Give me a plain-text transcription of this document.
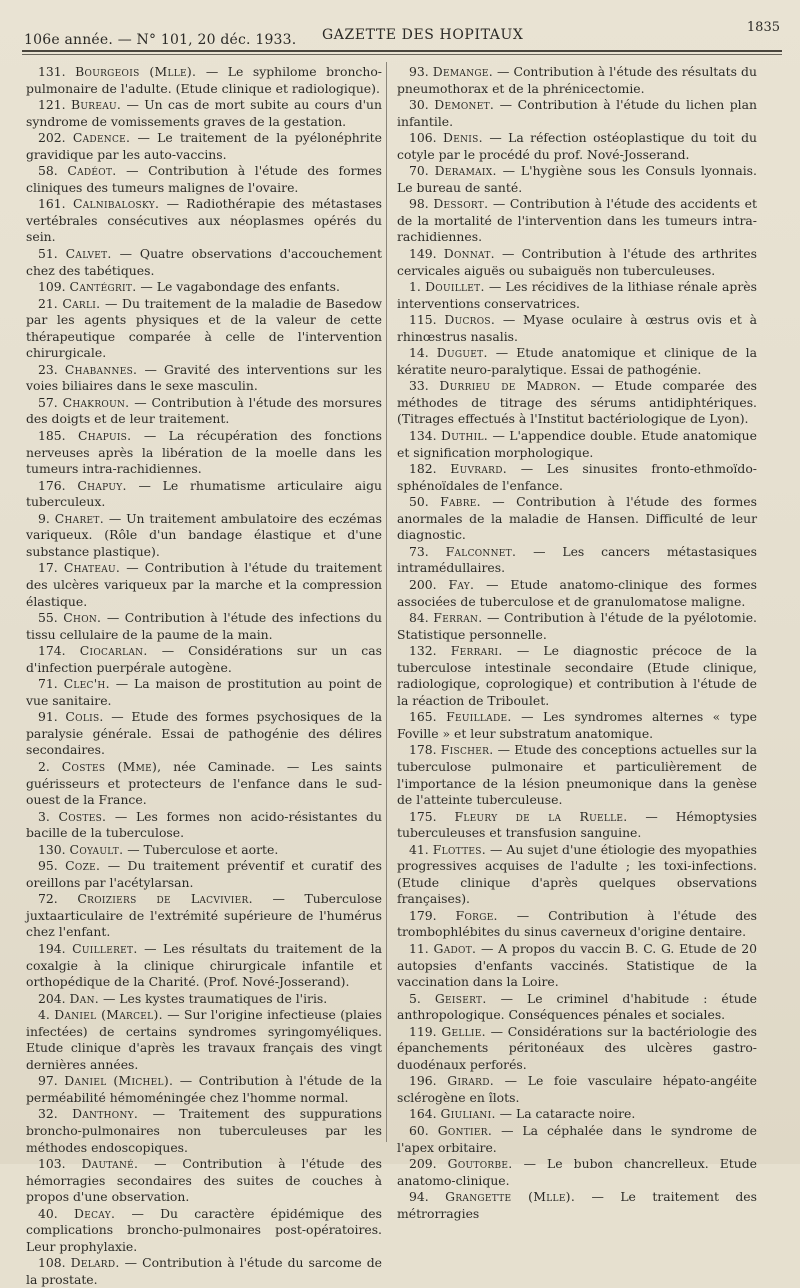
106e année. — N° 101, 20 déc. 1933. GAZETTE DES HOPITAUX	1835

131. Bourgeois (Mlle). — Le syphilome broncho-pulmonaire de l'adulte. (Etude clinique et radiologique).

121. Bureau. — Un cas de mort subite au cours d'un syndrome de vomissements graves de la gestation.

202. Cadence. — Le traitement de la pyélonéphrite gravidique par les auto-vaccins.

58. Cadéot. — Contribution à l'étude des formes cliniques des tumeurs malignes de l'ovaire.

161. Calnibalosky. — Radiothérapie des métastases vertébrales consécutives aux néoplasmes opérés du sein.

51. Calvet. — Quatre observations d'accouchement chez des tabétiques.

109. Cantégrit. — Le vagabondage des enfants.

21. Carli. — Du traitement de la maladie de Basedow par les agents physiques et de la valeur de cette thérapeutique comparée à celle de l'intervention chirurgicale.

23. Chabannes. — Gravité des interventions sur les voies biliaires dans le sexe masculin.

57. Chakroun. — Contribution à l'étude des morsures des doigts et de leur traitement.

185. Chapuis. — La récupération des fonctions nerveuses après la libération de la moelle dans les tumeurs intra-rachidiennes.

176. Chapuy. — Le rhumatisme articulaire aigu tuberculeux.

9. Charet. — Un traitement ambulatoire des eczémas variqueux. (Rôle d'un bandage élastique et d'une substance plastique).

17. Chateau. — Contribution à l'étude du traitement des ulcères variqueux par la marche et la compression élastique.

55. Chon. — Contribution à l'étude des infections du tissu cellulaire de la paume de la main.

174. Ciocarlan. — Considérations sur un cas d'infection puerpérale autogène.

71. Clec'h. — La maison de prostitution au point de vue sanitaire.

91. Colis. — Etude des formes psychosiques de la paralysie générale. Essai de pathogénie des délires secondaires.

2. Costes (Mme), née Caminade. — Les saints guérisseurs et protecteurs de l'enfance dans le sud-ouest de la France.

3. Costes. — Les formes non acido-résistantes du bacille de la tuberculose.

130. Coyault. — Tuberculose et aorte.

95. Coze. — Du traitement préventif et curatif des oreillons par l'acétylarsan.

72. Croiziers de Lacvivier. — Tuberculose juxtaarticulaire de l'extrémité supérieure de l'humérus chez l'enfant.

194. Cuilleret. — Les résultats du traitement de la coxalgie à la clinique chirurgicale infantile et orthopédique de la Charité. (Prof. Nové-Josserand).

204. Dan. — Les kystes traumatiques de l'iris.

4. Daniel (Marcel). — Sur l'origine infectieuse (plaies infectées) de certains syndromes syringomyéliques. Etude clinique d'après les travaux français des vingt dernières années.

97. Daniel (Michel). — Contribution à l'étude de la perméabilité hémoméningée chez l'homme normal.

32. Danthony. — Traitement des suppurations broncho-pulmonaires non tuberculeuses par les méthodes endoscopiques.

103. Dautané. — Contribution à l'étude des hémorragies secondaires des suites de couches à propos d'une observation.

40. Decay. — Du caractère épidémique des complications broncho-pulmonaires post-opératoires. Leur prophylaxie.

108. Delard. — Contribution à l'étude du sarcome de la prostate.

93. Demange. — Contribution à l'étude des résultats du pneumothorax et de la phrénicectomie.

30. Demonet. — Contribution à l'étude du lichen plan infantile.

106. Denis. — La réfection ostéoplastique du toit du cotyle par le procédé du prof. Nové-Josserand.

70. Deramaix. — L'hygiène sous les Consuls lyonnais. Le bureau de santé.

98. Dessort. — Contribution à l'étude des accidents et de la mortalité de l'intervention dans les tumeurs intra-rachidiennes.

149. Donnat. — Contribution à l'étude des arthrites cervicales aiguës ou subaiguës non tuberculeuses.

1. Douillet. — Les récidives de la lithiase rénale après interventions conservatrices.

115. Ducros. — Myase oculaire à œstrus ovis et à rhinœstrus nasalis.

14. Duguet. — Etude anatomique et clinique de la kératite neuro-paralytique. Essai de pathogénie.

33. Durrieu de Madron. — Etude comparée des méthodes de titrage des sérums antidiphtériques. (Titrages effectués à l'Institut bactériologique de Lyon).

134. Duthil. — L'appendice double. Etude anatomique et signification morphologique.

182. Euvrard. — Les sinusites fronto-ethmoïdo-sphénoïdales de l'enfance.

50. Fabre. — Contribution à l'étude des formes anormales de la maladie de Hansen. Difficulté de leur diagnostic.

73. Falconnet. — Les cancers métastasiques intramédullaires.

200. Fay. — Etude anatomo-clinique des formes associées de tuberculose et de granulomatose maligne.

84. Ferran. — Contribution à l'étude de la pyélotomie. Statistique personnelle.

132. Ferrari. — Le diagnostic précoce de la tuberculose intestinale secondaire (Etude clinique, radiologique, coprologique) et contribution à l'étude de la réaction de Triboulet.

165. Feuillade. — Les syndromes alternes « type Foville » et leur substratum anatomique.

178. Fischer. — Etude des conceptions actuelles sur la tuberculose pulmonaire et particulièrement de l'importance de la lésion pneumonique dans la genèse de l'atteinte tuberculeuse.

175. Fleury de la Ruelle. — Hémoptysies tuberculeuses et transfusion sanguine.

41. Flottes. — Au sujet d'une étiologie des myopathies progressives acquises de l'adulte ; les toxi-infections. (Etude clinique d'après quelques observations françaises).

179. Forge. — Contribution à l'étude des trombophlébites du sinus caverneux d'origine dentaire.

11. Gadot. — A propos du vaccin B. C. G. Etude de 20 autopsies d'enfants vaccinés. Statistique de la vaccination dans la Loire.

5. Geisert. — Le criminel d'habitude : étude anthropologique. Conséquences pénales et sociales.

119. Gellie. — Considérations sur la bactériologie des épanchements péritonéaux des ulcères gastro-duodénaux perforés.

196. Girard. — Le foie vasculaire hépato-angéite sclérogène en îlots.

164. Giuliani. — La cataracte noire.

60. Gontier. — La céphalée dans le syndrome de l'apex orbitaire.

209. Goutorbe. — Le bubon chancrelleux. Etude anatomo-clinique.

94. Grangette (Mlle). — Le traitement des métrorragies
